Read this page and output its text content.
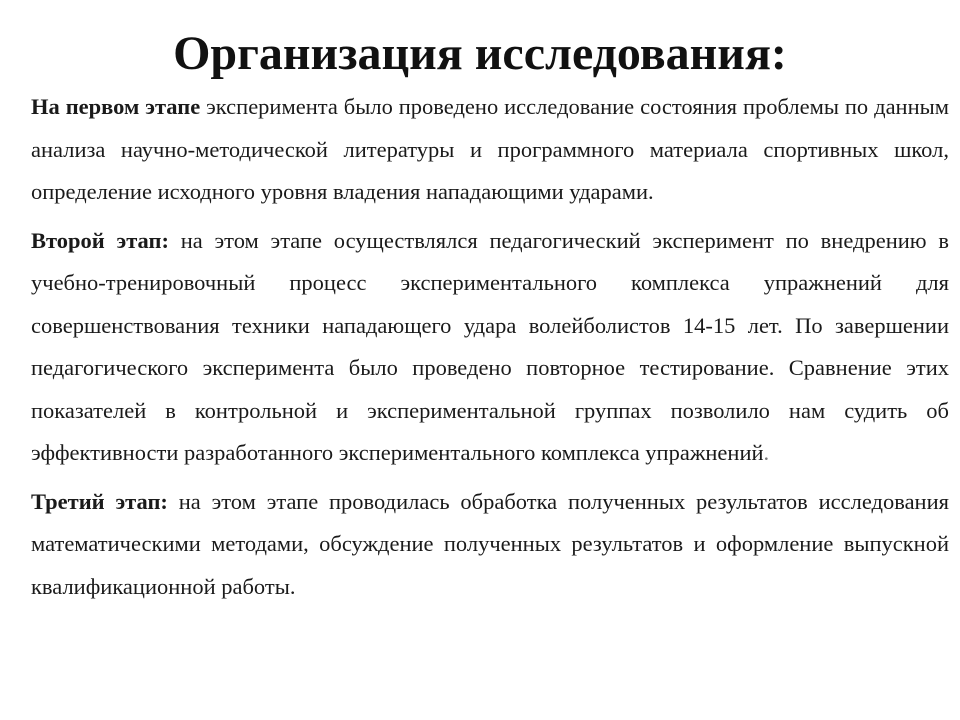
Организация исследования:

На первом этапе эксперимента было проведено исследование состояния проблемы по данным анализа научно-методической литературы и программного материала спортивных школ, определение исходного уровня владения нападающими ударами.

Второй этап: на этом этапе осуществлялся педагогический эксперимент по внедрению в учебно-тренировочный процесс экспериментального комплекса упражнений для совершенствования техники нападающего удара волейболистов 14-15 лет. По завершении педагогического эксперимента было проведено повторное тестирование. Сравнение этих показателей в контрольной и экспериментальной группах позволило нам судить об эффективности разработанного экспериментального комплекса упражнений.

Третий этап: на этом этапе проводилась обработка полученных результатов исследования математическими методами, обсуждение полученных результатов и оформление выпускной квалификационной работы.
